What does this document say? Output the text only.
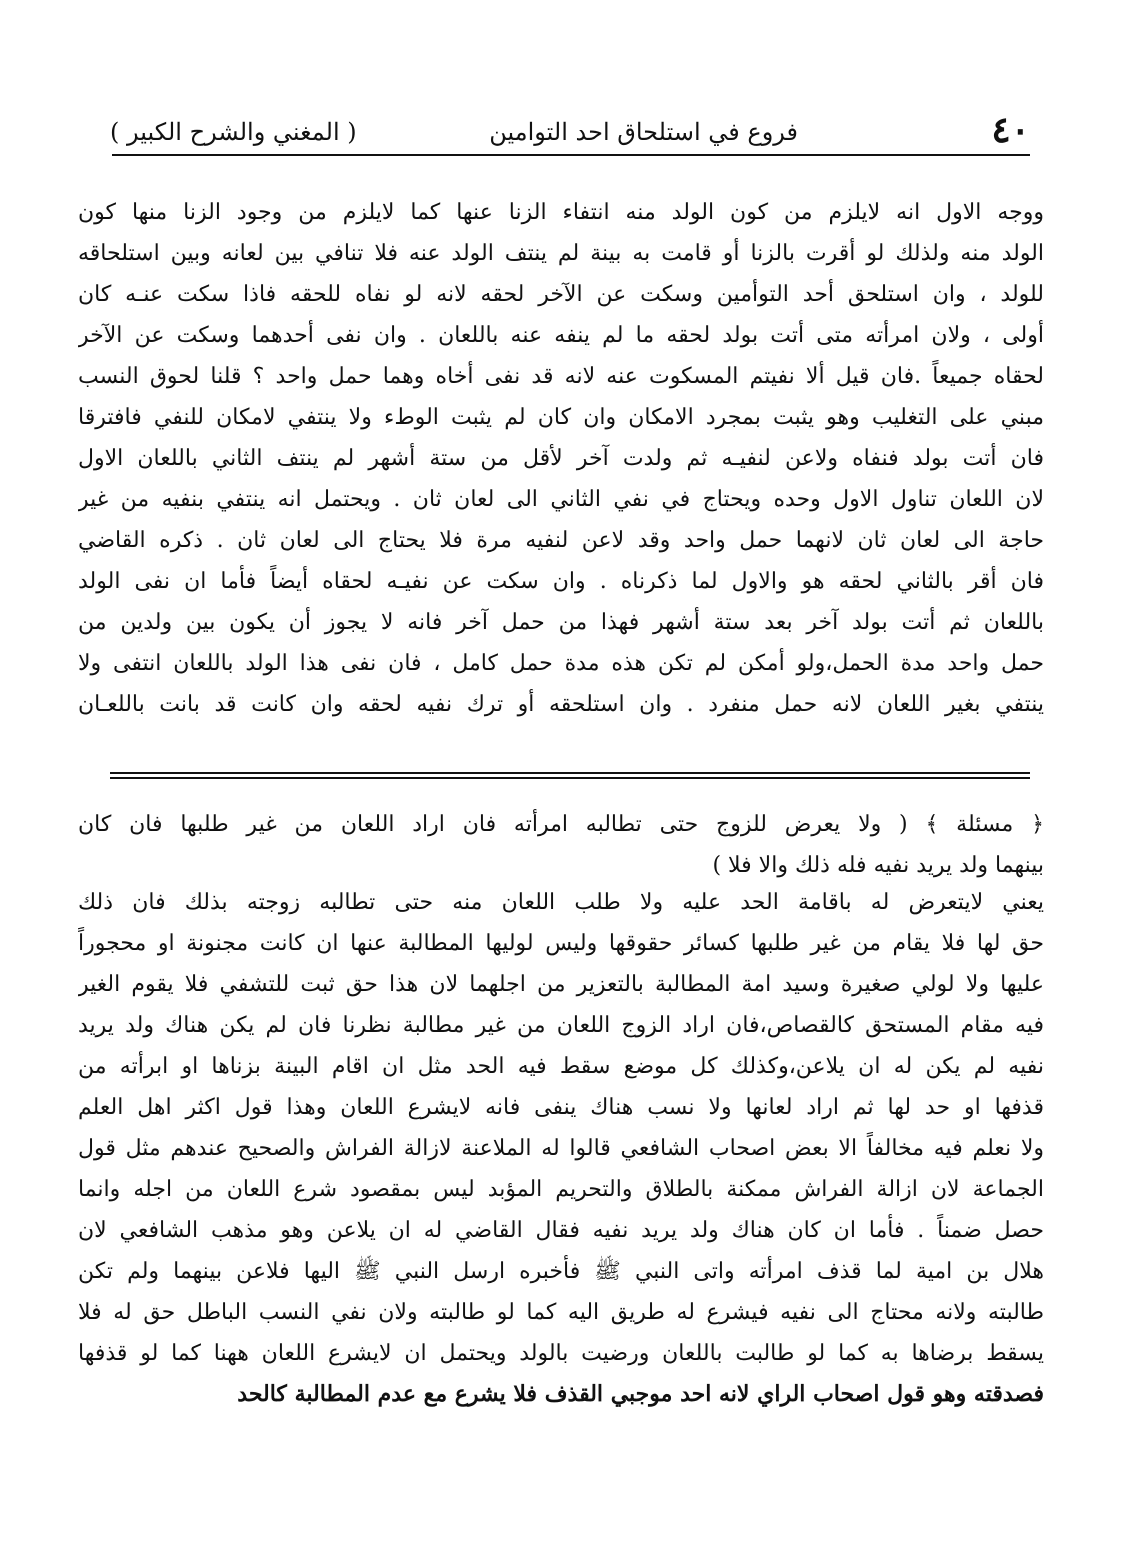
٤٠
فروع في استلحاق احد التوامين
( المغني والشرح الكبير )
ووجه الاول انه لايلزم من كون الولد منه انتفاء الزنا عنها كما لايلزم من وجود الزنا منها كون
الولد منه ولذلك لو أقرت بالزنا أو قامت به بينة لم ينتف الولد عنه فلا تنافي بين لعانه وبين استلحاقه
للولد ، وان استلحق أحد التوأمين وسكت عن الآخر لحقه لانه لو نفاه للحقه فاذا سكت عنـه كان
أولى ، ولان امرأته متى أتت بولد لحقه ما لم ينفه عنه باللعان . وان نفى أحدهما وسكت عن الآخر
لحقاه جميعاً .فان قيل ألا نفيتم المسكوت عنه لانه قد نفى أخاه وهما حمل واحد ؟ قلنا لحوق النسب
مبني على التغليب وهو يثبت بمجرد الامكان وان كان لم يثبت الوطء ولا ينتفي لامكان للنفي فافترقا
فان أتت بولد فنفاه ولاعن لنفيـه ثم ولدت آخر لأقل من ستة أشهر لم ينتف الثاني باللعان الاول
لان اللعان تناول الاول وحده ويحتاج في نفي الثاني الى لعان ثان . ويحتمل انه ينتفي بنفيه من غير
حاجة الى لعان ثان لانهما حمل واحد وقد لاعن لنفيه مرة فلا يحتاج الى لعان ثان . ذكره القاضي
فان أقر بالثاني لحقه هو والاول لما ذكرناه . وان سكت عن نفيـه لحقاه أيضاً فأما ان نفى الولد
باللعان ثم أتت بولد آخر بعد ستة أشهر فهذا من حمل آخر فانه لا يجوز أن يكون بين ولدين من
حمل واحد مدة الحمل،ولو أمكن لم تكن هذه مدة حمل كامل ، فان نفى هذا الولد باللعان انتفى ولا
ينتفي بغير اللعان لانه حمل منفرد . وان استلحقه أو ترك نفيه لحقه وان كانت قد بانت باللعـان
﴿ مسئلة ﴾ ( ولا يعرض للزوج حتى تطالبه امرأته فان اراد اللعان من غير طلبها فان كان
بينهما ولد يريد نفيه فله ذلك والا فلا )
يعني لايتعرض له باقامة الحد عليه ولا طلب اللعان منه حتى تطالبه زوجته بذلك فان ذلك
حق لها فلا يقام من غير طلبها كسائر حقوقها وليس لوليها المطالبة عنها ان كانت مجنونة او محجوراً
عليها ولا لولي صغيرة وسيد امة المطالبة بالتعزير من اجلهما لان هذا حق ثبت للتشفي فلا يقوم الغير
فيه مقام المستحق كالقصاص،فان اراد الزوج اللعان من غير مطالبة نظرنا فان لم يكن هناك ولد يريد
نفيه لم يكن له ان يلاعن،وكذلك كل موضع سقط فيه الحد مثل ان اقام البينة بزناها او ابرأته من
قذفها او حد لها ثم اراد لعانها ولا نسب هناك ينفى فانه لايشرع اللعان وهذا قول اكثر اهل العلم
ولا نعلم فيه مخالفاً الا بعض اصحاب الشافعي قالوا له الملاعنة لازالة الفراش والصحيح عندهم مثل قول
الجماعة لان ازالة الفراش ممكنة بالطلاق والتحريم المؤبد ليس بمقصود شرع اللعان من اجله وانما
حصل ضمناً . فأما ان كان هناك ولد يريد نفيه فقال القاضي له ان يلاعن وهو مذهب الشافعي لان
هلال بن امية لما قذف امرأته واتى النبي ﷺ فأخبره ارسل النبي ﷺ اليها فلاعن بينهما ولم تكن
طالبته ولانه محتاج الى نفيه فيشرع له طريق اليه كما لو طالبته ولان نفي النسب الباطل حق له فلا
يسقط برضاها به كما لو طالبت باللعان ورضيت بالولد ويحتمل ان لايشرع اللعان ههنا كما لو قذفها
فصدقته وهو قول اصحاب الراي لانه احد موجبي القذف فلا يشرع مع عدم المطالبة كالحد
